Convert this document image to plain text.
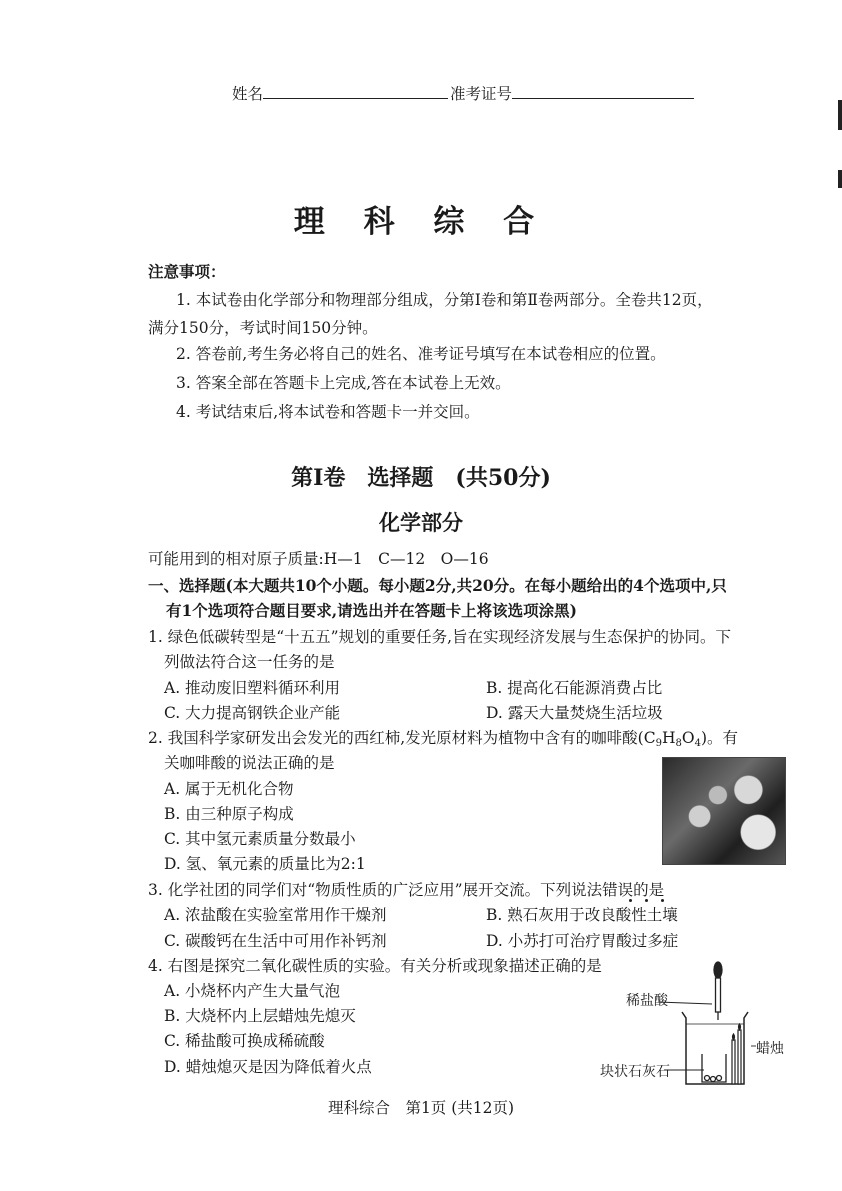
姓名	准考证号
理 科 综 合
注意事项：
1. 本试卷由化学部分和物理部分组成，分第Ⅰ卷和第Ⅱ卷两部分。全卷共12页，
满分150分，考试时间150分钟。
2. 答卷前,考生务必将自己的姓名、准考证号填写在本试卷相应的位置。
3. 答案全部在答题卡上完成,答在本试卷上无效。
4. 考试结束后,将本试卷和答题卡一并交回。
第Ⅰ卷　选择题　(共50分)
化学部分
可能用到的相对原子质量:H—1　C—12　O—16
一、选择题(本大题共10个小题。每小题2分,共20分。在每小题给出的4个选项中,只
有1个选项符合题目要求,请选出并在答题卡上将该选项涂黑)
1. 绿色低碳转型是“十五五”规划的重要任务,旨在实现经济发展与生态保护的协同。下
列做法符合这一任务的是
A. 推动废旧塑料循环利用	B. 提高化石能源消费占比
C. 大力提高钢铁企业产能	D. 露天大量焚烧生活垃圾
2. 我国科学家研发出会发光的西红柿,发光原材料为植物中含有的咖啡酸$(C_9H_8O_4)$。有
关咖啡酸的说法正确的是
A. 属于无机化合物
B. 由三种原子构成
C. 其中氢元素质量分数最小
D. 氢、氧元素的质量比为2:1
3. 化学社团的同学们对“物质性质的广泛应用”展开交流。下列说法错误的是
A. 浓盐酸在实验室常用作干燥剂	B. 熟石灰用于改良酸性土壤
C. 碳酸钙在生活中可用作补钙剂	D. 小苏打可治疗胃酸过多症
4. 右图是探究二氧化碳性质的实验。有关分析或现象描述正确的是
A. 小烧杯内产生大量气泡
B. 大烧杯内上层蜡烛先熄灭
C. 稀盐酸可换成稀硫酸
D. 蜡烛熄灭是因为降低着火点
稀盐酸
蜡烛
块状石灰石
理科综合　第1页 (共12页)
